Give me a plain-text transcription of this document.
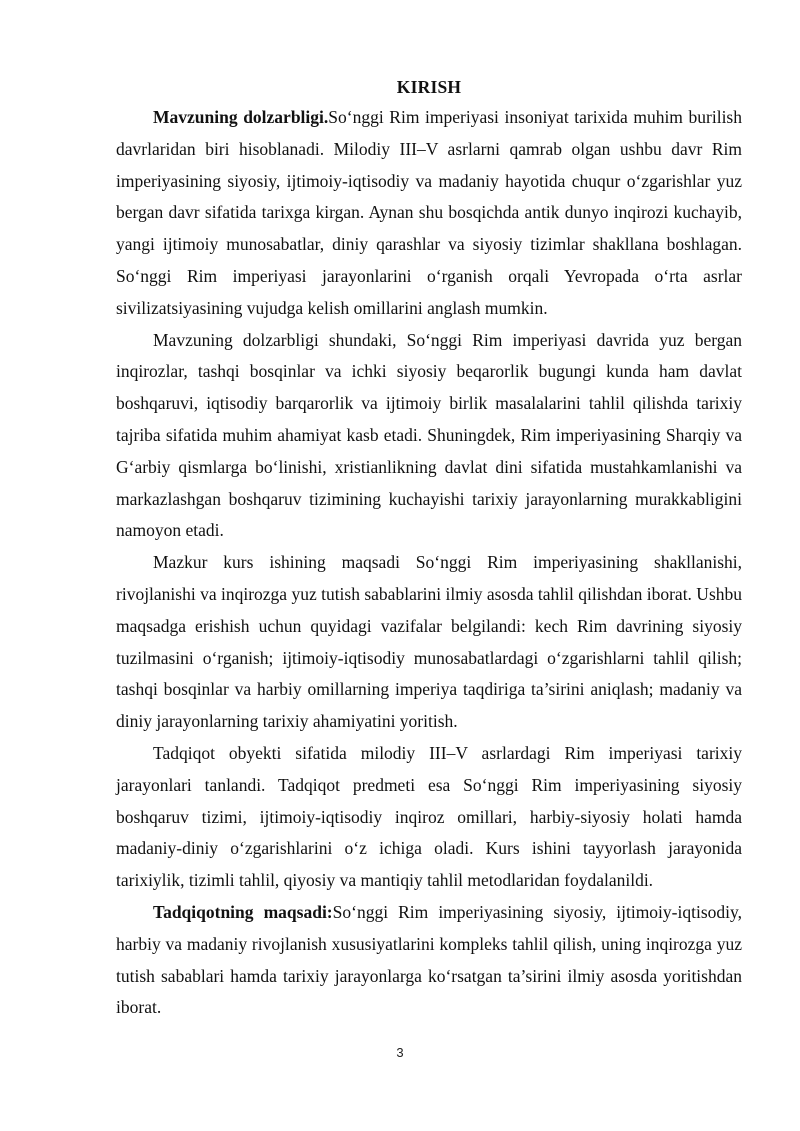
KIRISH

Mavzuning dolzarbligi.So‘nggi Rim imperiyasi insoniyat tarixida muhim burilish davrlaridan biri hisoblanadi. Milodiy III–V asrlarni qamrab olgan ushbu davr Rim imperiyasining siyosiy, ijtimoiy-iqtisodiy va madaniy hayotida chuqur o‘zgarishlar yuz bergan davr sifatida tarixga kirgan. Aynan shu bosqichda antik dunyo inqirozi kuchayib, yangi ijtimoiy munosabatlar, diniy qarashlar va siyosiy tizimlar shakllana boshlagan. So‘nggi Rim imperiyasi jarayonlarini o‘rganish orqali Yevropada o‘rta asrlar sivilizatsiyasining vujudga kelish omillarini anglash mumkin.

Mavzuning dolzarbligi shundaki, So‘nggi Rim imperiyasi davrida yuz bergan inqirozlar, tashqi bosqinlar va ichki siyosiy beqarorlik bugungi kunda ham davlat boshqaruvi, iqtisodiy barqarorlik va ijtimoiy birlik masalalarini tahlil qilishda tarixiy tajriba sifatida muhim ahamiyat kasb etadi. Shuningdek, Rim imperiyasining Sharqiy va G‘arbiy qismlarga bo‘linishi, xristianlikning davlat dini sifatida mustahkamlanishi va markazlashgan boshqaruv tizimining kuchayishi tarixiy jarayonlarning murakkabligini namoyon etadi.

Mazkur kurs ishining maqsadi So‘nggi Rim imperiyasining shakllanishi, rivojlanishi va inqirozga yuz tutish sabablarini ilmiy asosda tahlil qilishdan iborat. Ushbu maqsadga erishish uchun quyidagi vazifalar belgilandi: kech Rim davrining siyosiy tuzilmasini o‘rganish; ijtimoiy-iqtisodiy munosabatlardagi o‘zgarishlarni tahlil qilish; tashqi bosqinlar va harbiy omillarning imperiya taqdiriga ta’sirini aniqlash; madaniy va diniy jarayonlarning tarixiy ahamiyatini yoritish.

Tadqiqot obyekti sifatida milodiy III–V asrlardagi Rim imperiyasi tarixiy jarayonlari tanlandi. Tadqiqot predmeti esa So‘nggi Rim imperiyasining siyosiy boshqaruv tizimi, ijtimoiy-iqtisodiy inqiroz omillari, harbiy-siyosiy holati hamda madaniy-diniy o‘zgarishlarini o‘z ichiga oladi. Kurs ishini tayyorlash jarayonida tarixiylik, tizimli tahlil, qiyosiy va mantiqiy tahlil metodlaridan foydalanildi.

Tadqiqotning maqsadi:So‘nggi Rim imperiyasining siyosiy, ijtimoiy-iqtisodiy, harbiy va madaniy rivojlanish xususiyatlarini kompleks tahlil qilish, uning inqirozga yuz tutish sabablari hamda tarixiy jarayonlarga ko‘rsatgan ta’sirini ilmiy asosda yoritishdan iborat.

3
